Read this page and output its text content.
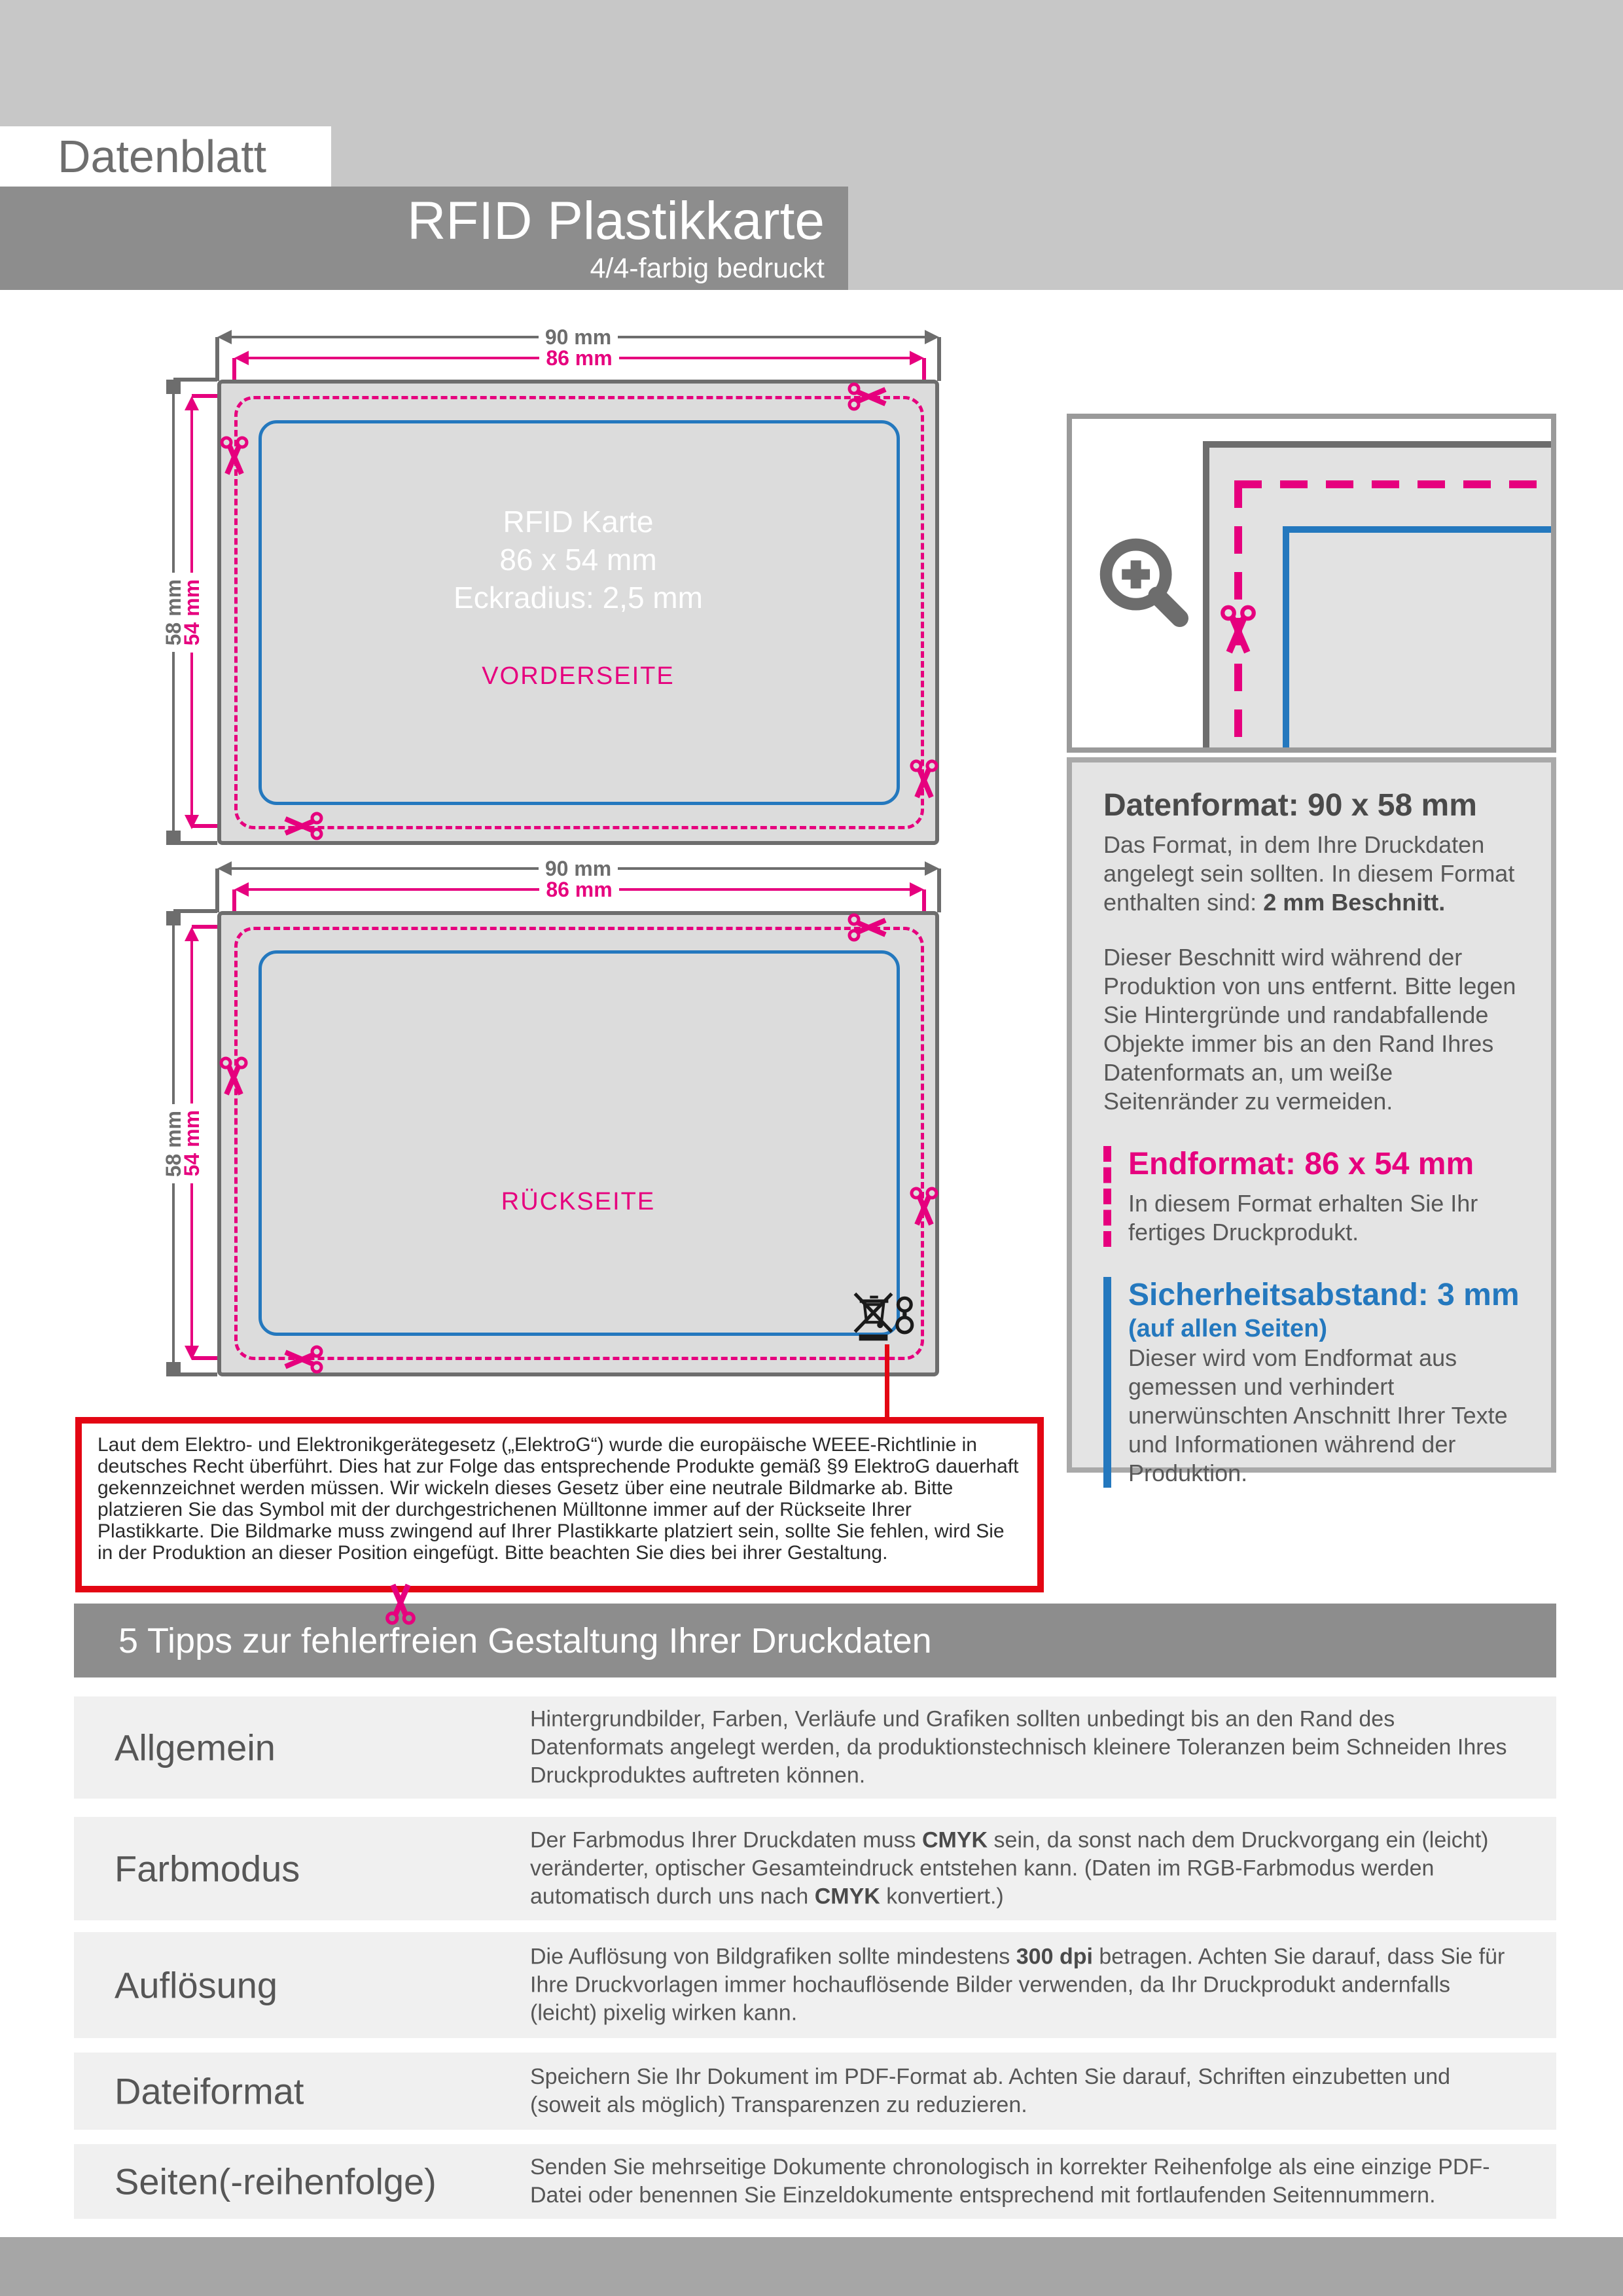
Datenblatt
RFID Plastikkarte
4/4-farbig bedruckt
90 mm
86 mm
58 mm
54 mm
RFID Karte
86 x 54 mm
Eckradius: 2,5 mm
VORDERSEITE
90 mm
86 mm
58 mm
54 mm
RÜCKSEITE
Datenformat: 90 x 58 mm

Das Format, in dem Ihre Druckdaten angelegt sein sollten. In diesem Format enthalten sind: 2 mm Beschnitt.

Dieser Beschnitt wird während der Produktion von uns entfernt. Bitte legen Sie Hintergründe und randabfallende Objekte immer bis an den Rand Ihres Datenformats an, um weiße Seitenränder zu vermeiden.

Endformat: 86 x 54 mm

In diesem Format erhalten Sie Ihr fertiges Druckprodukt.

Sicherheitsabstand: 3 mm

(auf allen Seiten)

Dieser wird vom Endformat aus gemessen und verhindert unerwünschten Anschnitt Ihrer Texte und Informationen während der Produktion.

Laut dem Elektro- und Elektronikgerätegesetz („ElektroG“) wurde die europäische WEEE-Richtlinie in deutsches Recht überführt. Dies hat zur Folge das entsprechende Produkte gemäß §9 ElektroG dauerhaft gekennzeichnet werden müssen. Wir wickeln dieses Gesetz über eine neutrale Bildmarke ab. Bitte platzieren Sie das Symbol mit der durchgestrichenen Mülltonne immer auf der Rückseite Ihrer Plastikkarte. Die Bildmarke muss zwingend auf Ihrer Plastikkarte platziert sein, sollte Sie fehlen, wird Sie in der Produktion an dieser Position eingefügt. Bitte beachten Sie dies bei ihrer Gestaltung.
5 Tipps zur fehlerfreien Gestaltung Ihrer Druckdaten
Allgemein
Hintergrundbilder, Farben, Verläufe und Grafiken sollten unbedingt bis an den Rand des Datenformats angelegt werden, da produktionstechnisch kleinere Toleranzen beim Schneiden Ihres Druckproduktes auftreten können.
Farbmodus
Der Farbmodus Ihrer Druckdaten muss CMYK sein, da sonst nach dem Druckvorgang ein (leicht) veränderter, optischer Gesamteindruck entstehen kann. (Daten im RGB-Farbmodus werden automatisch durch uns nach CMYK konvertiert.)
Auflösung
Die Auflösung von Bildgrafiken sollte mindestens 300 dpi betragen. Achten Sie darauf, dass Sie für Ihre Druckvorlagen immer hochauflösende Bilder verwenden, da Ihr Druckprodukt andernfalls (leicht) pixelig wirken kann.
Dateiformat	Speichern Sie Ihr Dokument im PDF-Format ab. Achten Sie darauf, Schriften einzubetten und (soweit als möglich) Transparenzen zu reduzieren.
Seiten(-reihenfolge)	Senden Sie mehrseitige Dokumente chronologisch in korrekter Reihenfolge als eine einzige PDF-Datei oder benennen Sie Einzeldokumente entsprechend mit fortlaufenden Seitennummern.
